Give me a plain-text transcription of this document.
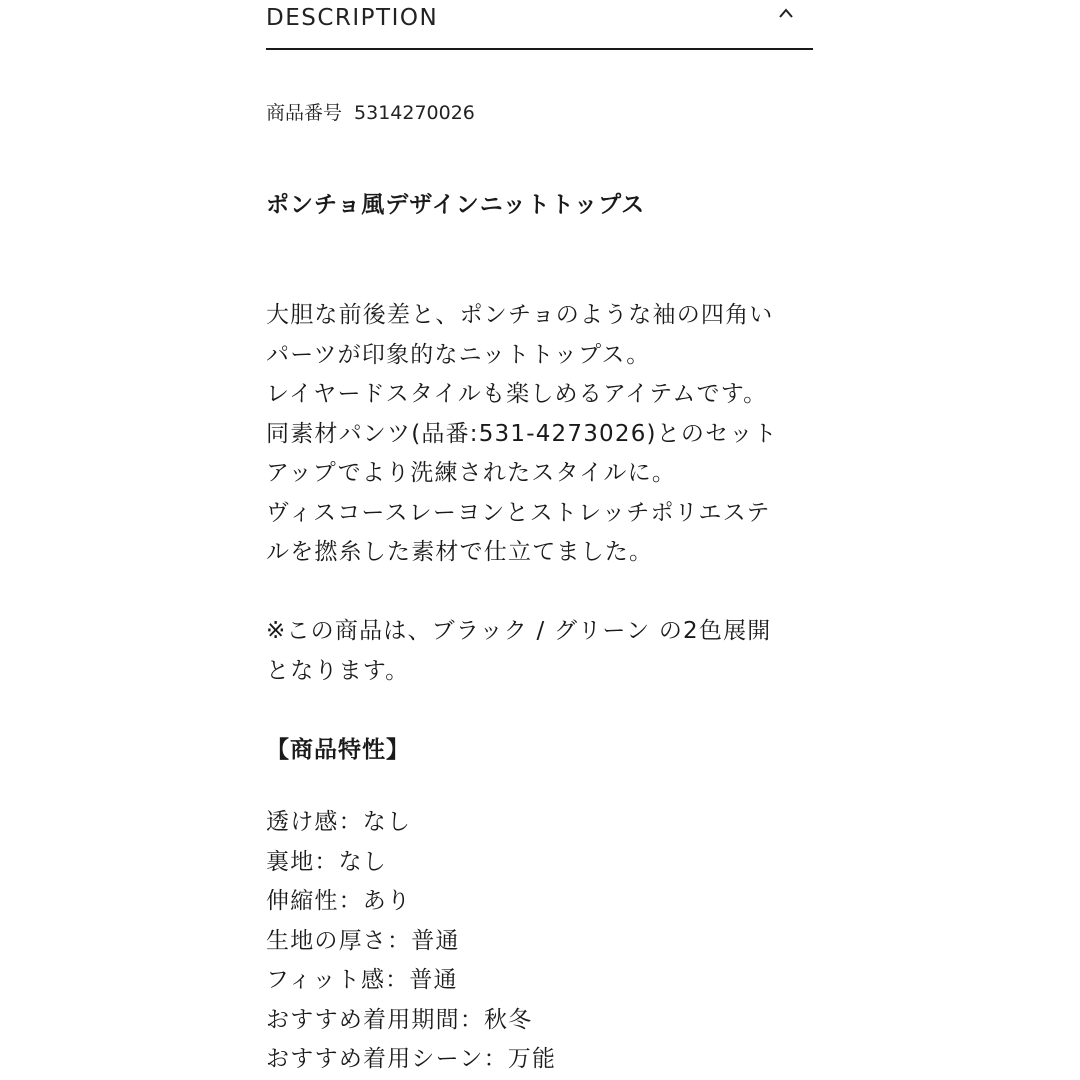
DESCRIPTION
商品番号 5314270026
ポンチョ風デザインニットトップス
大胆な前後差と、ポンチョのような袖の四角い
パーツが印象的なニットトップス。
レイヤードスタイルも楽しめるアイテムです。
同素材パンツ(品番:531-4273026)とのセット
アップでより洗練されたスタイルに。
ヴィスコースレーヨンとストレッチポリエステ
ルを撚糸した素材で仕立てました。
※この商品は、ブラック / グリーン の2色展開
となります。
【商品特性】
透け感：なし
裏地：なし
伸縮性：あり
生地の厚さ：普通
フィット感：普通
おすすめ着用期間：秋冬
おすすめ着用シーン：万能
